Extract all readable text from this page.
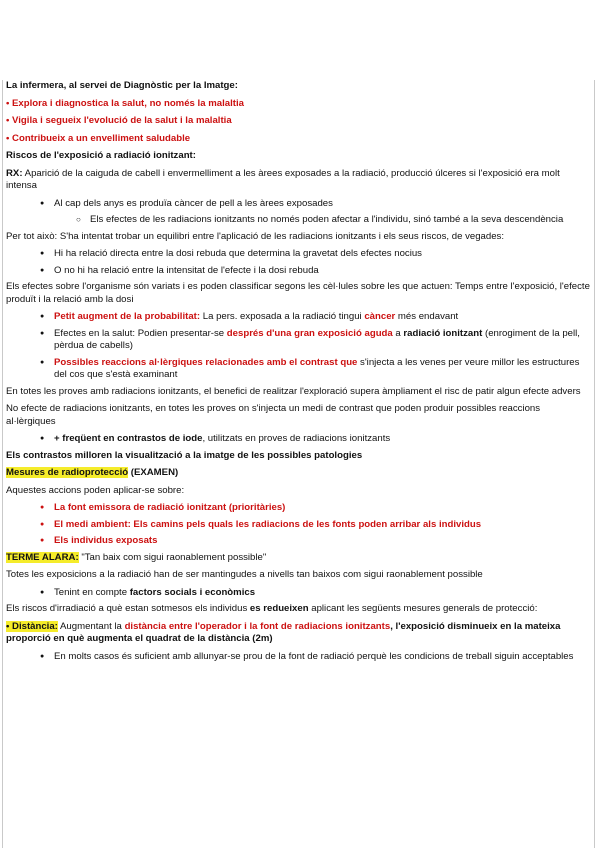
La infermera, al servei de Diagnòstic per la Imatge:

• Explora i diagnostica la salut, no només la malaltia

• Vigila i segueix l'evolució de la salut i la malaltia

• Contribueix a un envelliment saludable

Riscos de l'exposició a radiació ionitzant:

RX: Aparició de la caiguda de cabell i envermelliment a les àrees exposades a la radiació, producció úlceres si l'exposició era molt intensa

● Al cap dels anys es produïa càncer de pell a les àrees exposades
○ Els efectes de les radiacions ionitzants no només poden afectar a l'individu, sinó també a la seva descendència

Per tot això: S'ha intentat trobar un equilibri entre l'aplicació de les radiacions ionitzants i els seus riscos, de vegades:

● Hi ha relació directa entre la dosi rebuda que determina la gravetat dels efectes nocius
● O no hi ha relació entre la intensitat de l'efecte i la dosi rebuda

Els efectes sobre l'organisme són variats i es poden classificar segons les cèl·lules sobre les que actuen: Temps entre l'exposició, l'efecte produït i la relació amb la dosi

● Petit augment de la probabilitat: La pers. exposada a la radiació tingui càncer més endavant
● Efectes en la salut: Podien presentar-se després d'una gran exposició aguda a radiació ionitzant (enrogiment de la pell, pèrdua de cabells)
● Possibles reaccions al·lèrgiques relacionades amb el contrast que s'injecta a les venes per veure millor les estructures del cos que s'està examinant

En totes les proves amb radiacions ionitzants, el benefici de realitzar l'exploració supera àmpliament el risc de patir algun efecte advers

No efecte de radiacions ionitzants, en totes les proves on s'injecta un medi de contrast que poden produir possibles reaccions al·lèrgiques

● + freqüent en contrastos de iode, utilitzats en proves de radiacions ionitzants

Els contrastos milloren la visualització a la imatge de les possibles patologies

Mesures de radioprotecció (EXAMEN)

Aquestes accions poden aplicar-se sobre:

● La font emissora de radiació ionitzant (prioritàries)
● El medi ambient: Els camins pels quals les radiacions de les fonts poden arribar als individus
● Els individus exposats

TERME ALARA: "Tan baix com sigui raonablement possible"

Totes les exposicions a la radiació han de ser mantingudes a nivells tan baixos com sigui raonablement possible

● Tenint en compte factors socials i econòmics

Els riscos d'irradiació a què estan sotmesos els individus es redueixen aplicant les següents mesures generals de protecció:

• Distància: Augmentant la distància entre l'operador i la font de radiacions ionitzants, l'exposició disminueix en la mateixa proporció en què augmenta el quadrat de la distància (2m)

● En molts casos és suficient amb allunyar-se prou de la font de radiació perquè les condicions de treball siguin acceptables
